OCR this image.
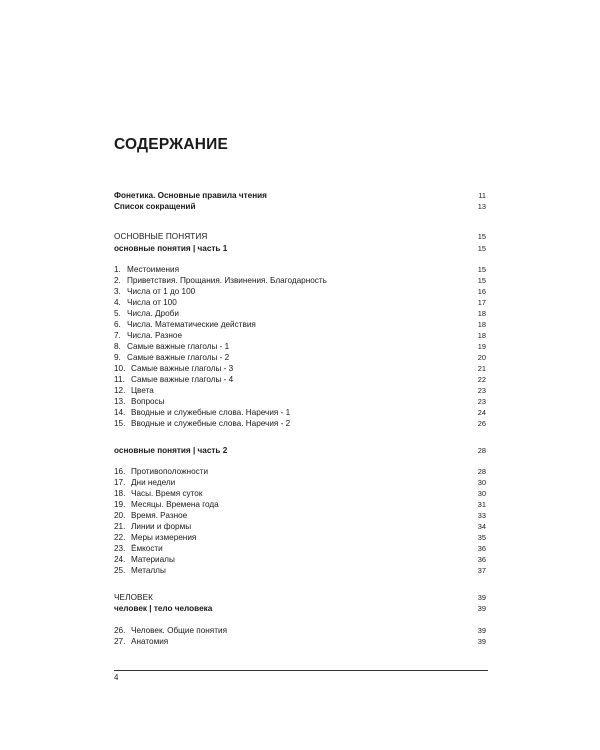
СОДЕРЖАНИЕ
Фонетика. Основные правила чтения	11
Список сокращений	13
ОСНОВНЫЕ ПОНЯТИЯ	15
основные понятия | часть 1	15
1. Местоимения	15
2. Приветствия. Прощания. Извинения. Благодарность	15
3. Числа от 1 до 100	16
4. Числа от 100	17
5. Числа. Дроби	18
6. Числа. Математические действия	18
7. Числа. Разное	18
8. Самые важные глаголы - 1	19
9. Самые важные глаголы - 2	20
10. Самые важные глаголы - 3	21
11. Самые важные глаголы - 4	22
12. Цвета	23
13. Вопросы	23
14. Вводные и служебные слова. Наречия - 1	24
15. Вводные и служебные слова. Наречия - 2	26
основные понятия | часть 2	28
16. Противоположности	28
17. Дни недели	30
18. Часы. Время суток	30
19. Месяцы. Времена года	31
20. Время. Разное	33
21. Линии и формы	34
22. Меры измерения	35
23. Ёмкости	36
24. Материалы	36
25. Металлы	37
ЧЕЛОВЕК	39
человек | тело человека	39
26. Человек. Общие понятия	39
27. Анатомия	39
4
